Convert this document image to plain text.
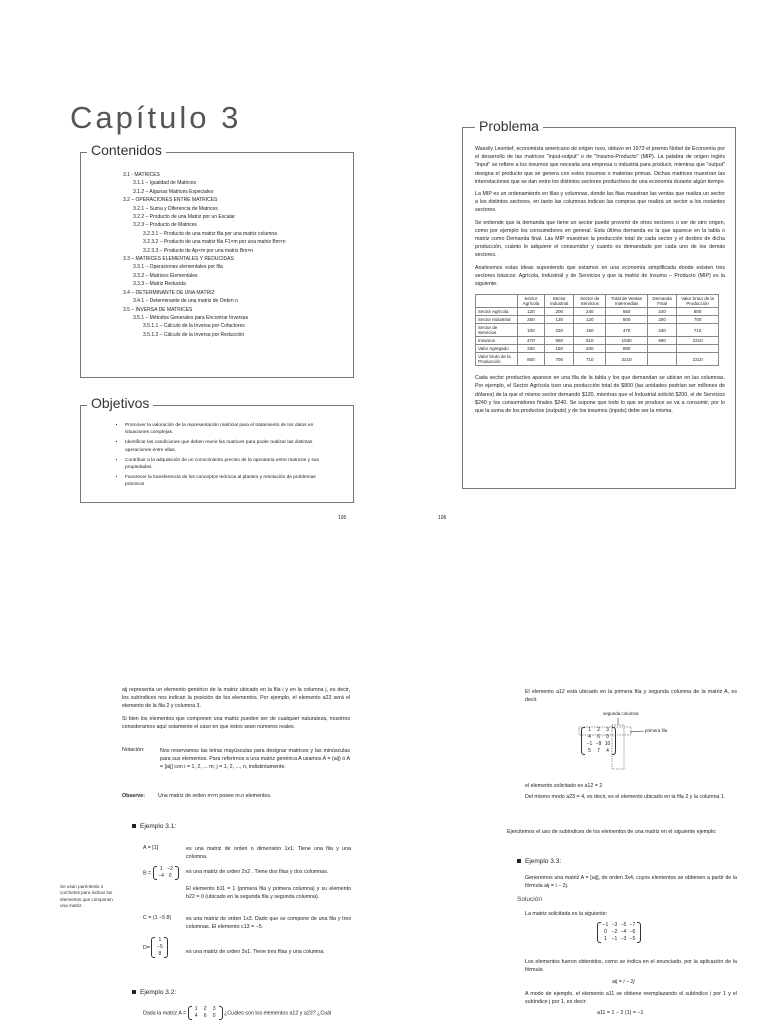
Capítulo 3
Contenidos
3.1 - MATRICES
3.1.1 – Igualdad de Matrices
3.1.2 – Algunas Matrices Especiales
3.2 – OPERACIONES ENTRE MATRICES
3.2.1 – Suma y Diferencia de Matrices
3.2.2 – Producto de una Matriz por un Escalar
3.2.3 – Producto de Matrices
3.2.3.1 – Producto de una matriz fila por una matriz columna
3.2.3.2 – Producto de una matriz fila F1×m por una matriz Bm×n
3.2.3.3 – Producto de Ap×m por una matriz Bm×n
3.3 – MATRICES ELEMENTALES Y REDUCIDAS
3.3.1 – Operaciones elementales por fila
3.3.2 – Matrices Elementales
3.3.3 – Matriz Reducida
3.4 – DETERMINANTE DE UNA MATRIZ
3.4.1 – Determinante de una matriz de Orden n
3.5 – INVERSA DE MATRICES
3.5.1 – Métodos Generales para Encontrar Inversas
3.5.1.1 – Cálculo de la Inversa por Cofactores
3.5.1.2 – Cálculo de la Inversa por Reducción
Objetivos
▪ Promover la valoración de la representación matricial para el tratamiento de los datos en situaciones complejas.
▪ Identificar las condiciones que deben reunir las matrices para poder realizar las distintas operaciones entre ellas.
▪ Contribuir a la adquisición de un conocimiento preciso de la operatoria entre matrices y sus propiedades.
▪ Favorecer la transferencia de los conceptos teóricos al planteo y resolución de problemas prácticos
105
Problema

Wassily Leontief, economista americano de origen ruso, obtuvo en 1973 el premio Nobel de Economía por el desarrollo de las matrices "input-output" o de "Insumo-Producto" (MIP). La palabra de origen inglés "input" se refiere a los insumos que necesita una empresa o industria para producir, mientras que "output" designa el producto que se genera con estos insumos o materias primas. Dichas matrices muestran las interrelaciones que se dan entre los distintos sectores productivos de una economía durante algún tiempo.

La MIP es un ordenamiento en filas y columnas, donde las filas muestran las ventas que realiza un sector a los distintos sectores, en tanto las columnas indican las compras que realiza un sector a los restantes sectores.

Se entiende que la demanda que tiene un sector puede provenir de otros sectores o ser de otro origen, como por ejemplo los consumidores en general. Esta última demanda es la que aparece en la tabla o matriz como Demanda final. Las MIP muestran la producción total de cada sector y el destino de dicha producción, cuánto lo adquiere el consumidor y cuánto es demandado por cada uno de los demás sectores.

Analicemos estas ideas suponiendo que estamos en una economía simplificada donde existen tres sectores básicos: Agrícola, Industrial y de Servicios y que la matriz de Insumo – Producto (MIP) es la siguiente:

	Sector Agrícola	Sector Industrial	Sector de Servicios	Total de Ventas Intermedias	Demanda Final	Valor bruto de la Producción
Sector Agrícola	120	200	240	560	240	800
Sector Industrial	250	130	120	500	200	700
Sector de Servicios	100	220	150	470	240	710
Insumos	470	550	510	1530	680	2210
Valor Agregado	330	150	200	680		
Valor bruto de la Producción	800	700	710	2210		2210

Cada sector productivo aparece en una fila de la tabla y los que demandan se ubican en las columnas. Por ejemplo, el Sector Agrícola tuvo una producción total de $800 (las unidades podrían ser millones de dólares) de la que el mismo sector demandó $120, mientras que el Industrial solicitó $200, el de Servicios $240 y los consumidores finales $240. Se supone que todo lo que se produce se va a consumir, por lo que la suma de los productos (outputs) y de los insumos (inputs) debe ser la misma.

106

aij representa un elemento genérico de la matriz ubicado en la fila i y en la columna j, es decir, los subíndices nos indican la posición de los elementos. Por ejemplo, el elemento a23 será el elemento de la fila 2 y columna 3.

Si bien los elementos que componen una matriz pueden ser de cualquier naturaleza, nosotros consideramos aquí solamente el caso en que éstos sean números reales.

Notación:	Nos reservamos las letras mayúsculas para designar matrices y las minúsculas para sus elementos. Para referirnos a una matriz genérica A usamos A = (aij) ó A = [aij] con i = 1, 2, ... m; j = 1, 2, ..., n, indistintamente.
Observe: Una matriz de orden m×n posee m.n elementos.
Ejemplo 3.1:
A = [1]	es una matriz de orden o dimensión 1x1. Tiene una fila y una columna.
B =
1 −2
−4 0
es una matriz de orden 2x2 . Tiene dos filas y dos columnas.
El elemento b11 = 1 (primera fila y primera columna) y su elemento b22 = 0 (ubicado en la segunda fila y segunda columna).
C = (1 −5 8)	es una matriz de orden 1x3. Dado que se compone de una fila y tres columnas. El elemento c13 = −5.
D=
1
−5
8	es una matriz de orden 3x1. Tiene tres filas y una columna.
Ejemplo 3.2:
Dada la matriz A =
1 2 3
4 6 0	¿Cuáles son los elementos a12 y a23? ¿Cuál
Se usan paréntesis o corchetes para indicar los elementos que componen una matriz.
El elemento a12 está ubicado en la primera fila y segunda columna de la matriz A, es decir.
segunda columna
primera fila
1 2 3
4 6 0
−1 −8 10
5 7 4
el elemento solicitado es a12 = 2
Del mismo modo a23 = 4, es decir, es el elemento ubicado en la fila 2 y la columna 1.
Ejercitemos el uso de subíndices de los elementos de una matriz en el siguiente ejemplo:
Ejemplo 3.3:
Generemos una matriz A = [aij], de orden 3x4, cuyos elementos se obtienen a partir de la fórmula aij = i − 2j.
Solución
La matriz solicitada es la siguiente:
−1 −3 −5 −7
0 −2 −4 −6
1 −1 −3 −5
Los elementos fueron obtenidos, como se indica en el enunciado, por la aplicación de la fórmula
aij = i − 2j
A modo de ejemplo, el elemento a11 se obtiene reemplazando el subíndice i por 1 y el subíndice j por 1, es decir:
a11 = 1 − 2 (1) = −1
